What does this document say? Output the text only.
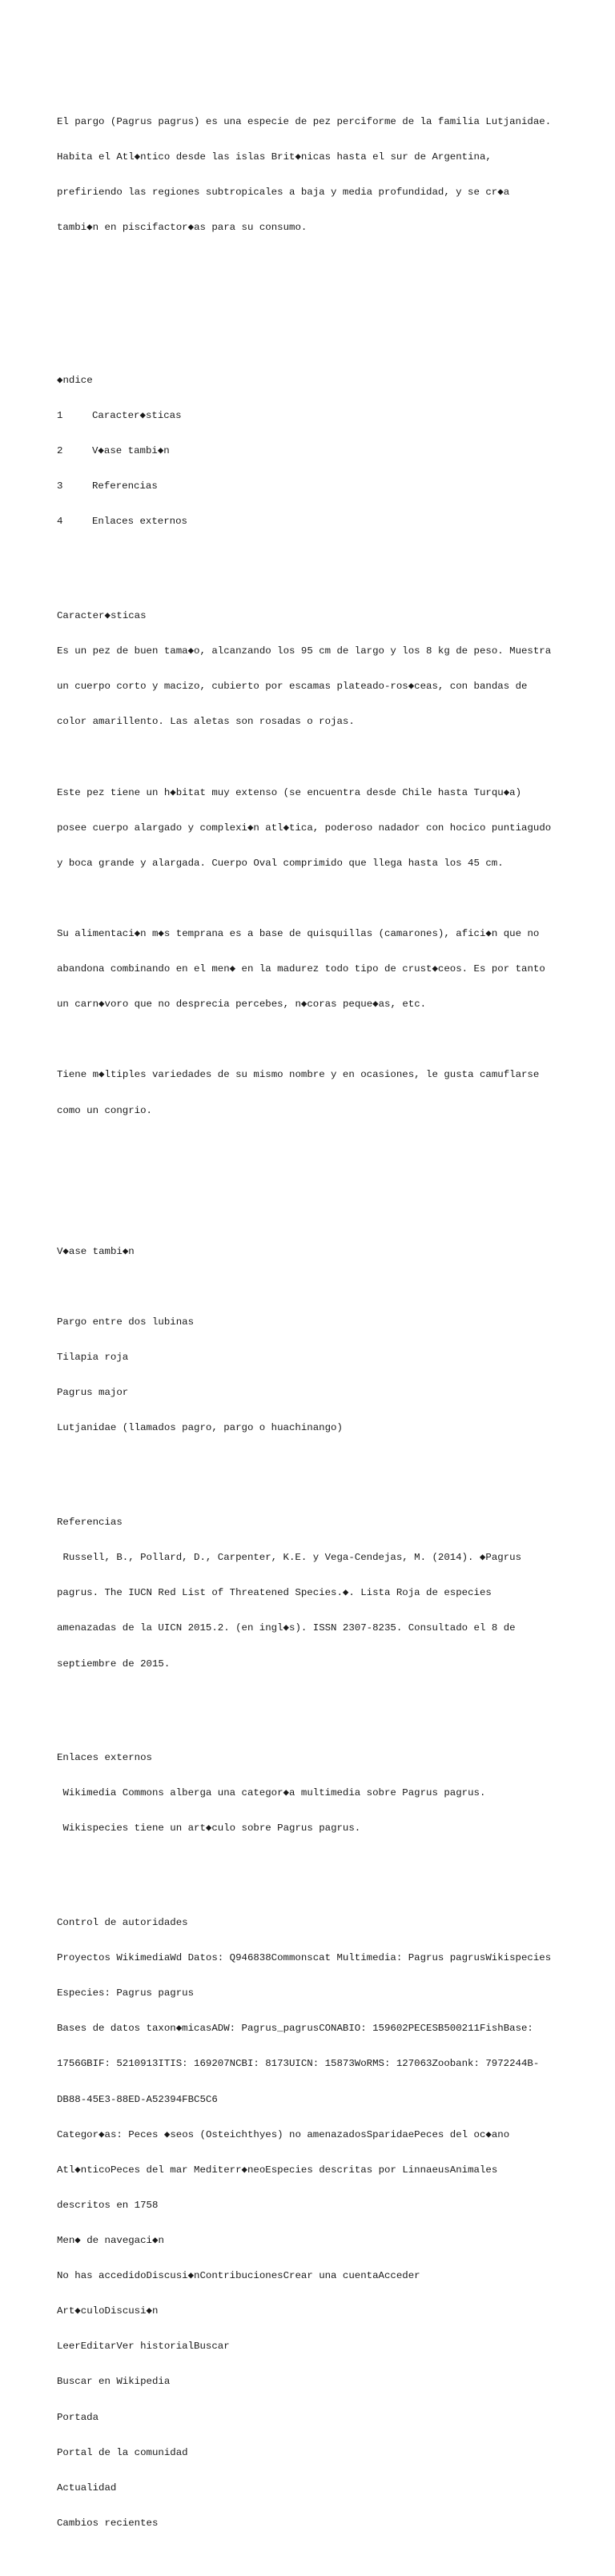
El pargo (Pagrus pagrus) es una especie de pez perciforme de la familia Lutjanidae.

Habita el Atl◆ntico desde las islas Brit◆nicas hasta el sur de Argentina,

prefiriendo las regiones subtropicales a baja y media profundidad, y se cr◆a

tambi◆n en piscifactor◆as para su consumo.

◆ndice

1	Caracter◆sticas

2	V◆ase tambi◆n

3	Referencias

4	Enlaces externos

Caracter◆sticas

Es un pez de buen tama◆o, alcanzando los 95 cm de largo y los 8 kg de peso. Muestra

un cuerpo corto y macizo, cubierto por escamas plateado-ros◆ceas, con bandas de

color amarillento. Las aletas son rosadas o rojas.

Este pez tiene un h◆bitat muy extenso (se encuentra desde Chile hasta Turqu◆a)

posee cuerpo alargado y complexi◆n atl◆tica, poderoso nadador con hocico puntiagudo

y boca grande y alargada. Cuerpo Oval comprimido que llega hasta los 45 cm.

Su alimentaci◆n m◆s temprana es a base de quisquillas (camarones), afici◆n que no

abandona combinando en el men◆ en la madurez todo tipo de crust◆ceos. Es por tanto

un carn◆voro que no desprecia percebes, n◆coras peque◆as, etc.

Tiene m◆ltiples variedades de su mismo nombre y en ocasiones, le gusta camuflarse

como un congrio.

V◆ase tambi◆n

Pargo entre dos lubinas

Tilapia roja

Pagrus major

Lutjanidae (llamados pagro, pargo o huachinango)

Referencias

Russell, B., Pollard, D., Carpenter, K.E. y Vega-Cendejas, M. (2014). ◆Pagrus

pagrus. The IUCN Red List of Threatened Species.◆. Lista Roja de especies

amenazadas de la UICN 2015.2. (en ingl◆s). ISSN 2307-8235. Consultado el 8 de

septiembre de 2015.

Enlaces externos

Wikimedia Commons alberga una categor◆a multimedia sobre Pagrus pagrus.

Wikispecies tiene un art◆culo sobre Pagrus pagrus.

Control de autoridades

Proyectos WikimediaWd Datos: Q946838Commonscat Multimedia: Pagrus pagrusWikispecies

Especies: Pagrus pagrus

Bases de datos taxon◆micasADW: Pagrus_pagrusCONABIO: 159602PECESB500211FishBase:

1756GBIF: 5210913ITIS: 169207NCBI: 8173UICN: 15873WoRMS: 127063Zoobank: 7972244B-

DB88-45E3-88ED-A52394FBC5C6

Categor◆as: Peces ◆seos (Osteichthyes) no amenazadosSparidaePeces del oc◆ano

Atl◆nticoPeces del mar Mediterr◆neoEspecies descritas por LinnaeusAnimales

descritos en 1758

Men◆ de navegaci◆n

No has accedidoDiscusi◆nContribucionesCrear una cuentaAcceder

Art◆culoDiscusi◆n

LeerEditarVer historialBuscar

Buscar en Wikipedia

Portada

Portal de la comunidad

Actualidad

Cambios recientes
